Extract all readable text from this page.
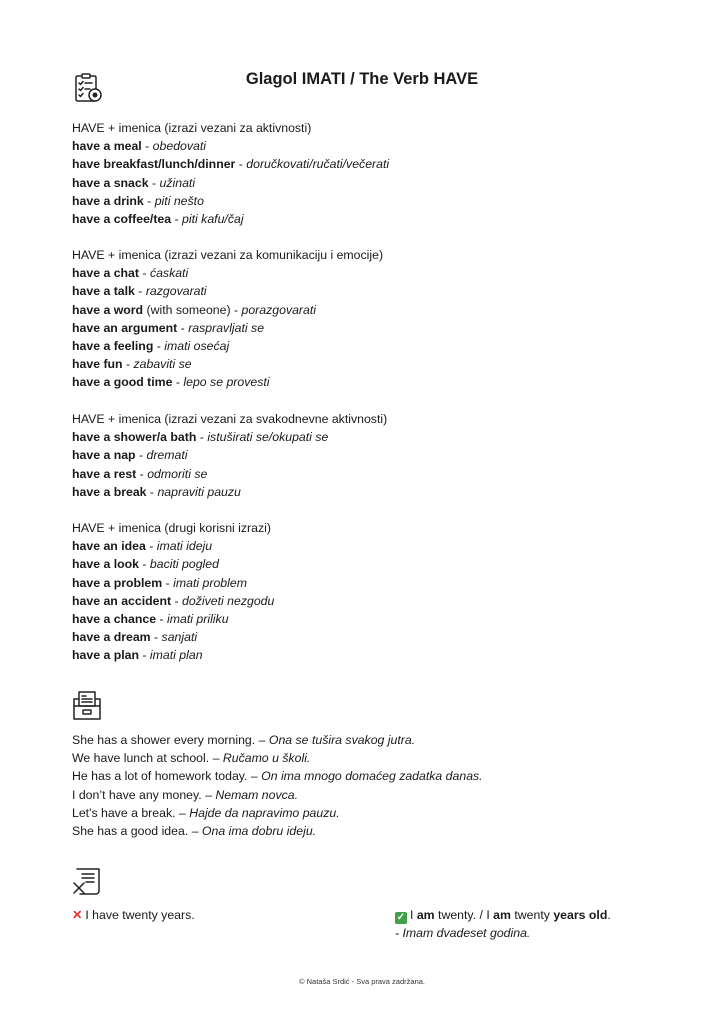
Glagol IMATI / The Verb HAVE
HAVE + imenica (izrazi vezani za aktivnosti)
have a meal - obedovati
have breakfast/lunch/dinner - doručkovati/ručati/večerati
have a snack - užinati
have a drink - piti nešto
have a coffee/tea - piti kafu/čaj
HAVE + imenica (izrazi vezani za komunikaciju i emocije)
have a chat - ćaskati
have a talk - razgovarati
have a word (with someone) - porazgovarati
have an argument - raspravljati se
have a feeling - imati osećaj
have fun - zabaviti se
have a good time - lepo se provesti
HAVE + imenica (izrazi vezani za svakodnevne aktivnosti)
have a shower/a bath - istuširati se/okupati se
have a nap - dremati
have a rest - odmoriti se
have a break - napraviti pauzu
HAVE + imenica (drugi korisni izrazi)
have an idea - imati ideju
have a look - baciti pogled
have a problem - imati problem
have an accident - doživeti nezgodu
have a chance - imati priliku
have a dream - sanjati
have a plan - imati plan
She has a shower every morning. – Ona se tušira svakog jutra.
We have lunch at school. – Ručamo u školi.
He has a lot of homework today. – On ima mnogo domaćeg zadatka danas.
I don’t have any money. – Nemam novca.
Let's have a break. – Hajde da napravimo pauzu.
She has a good idea. – Ona ima dobru ideju.
✕ I have twenty years.	✓ I am twenty. / I am twenty years old.
- Imam dvadeset godina.
© Nataša Srdić - Sva prava zadržana.
